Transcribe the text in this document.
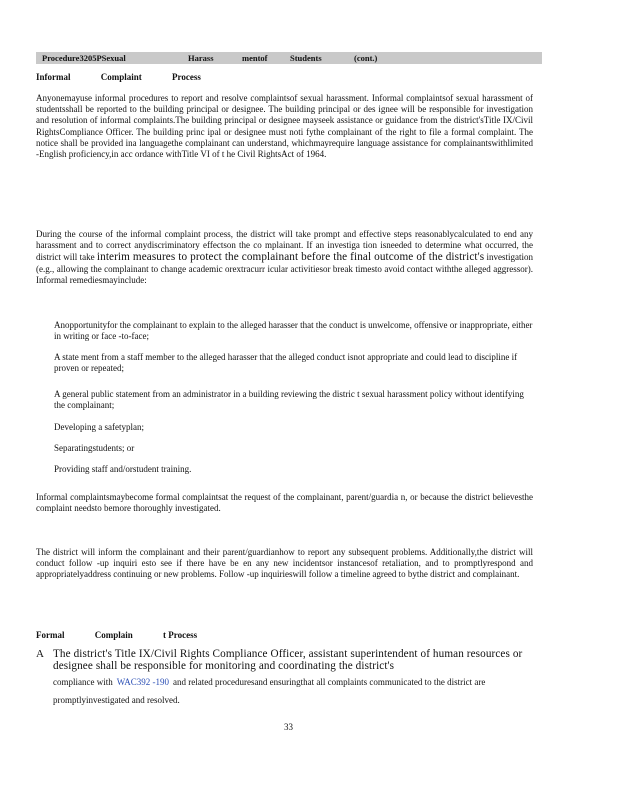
Procedure3205PSexual	Harass	mentof	Students	(cont.)
Informal	Complaint	Process
Anyonemayuse informal procedures to report and resolve complaintsof sexual harassment. Informal complaintsof sexual harassment of studentsshall be reported to the building principal or designee. The building principal or des ignee will be responsible for investigation and resolution of informal complaints.The building principal or designee mayseek assistance or guidance from the district'sTitle IX/Civil RightsCompliance Officer. The building princ ipal or designee must noti fythe complainant of the right to file a formal complaint. The notice shall be provided ina languagethe complainant can understand, whichmayrequire language assistance for complainantswithlimited -English proficiency,in acc ordance withTitle VI of t he Civil RightsAct of 1964.
During the course of the informal complaint process, the district will take prompt and effective steps reasonablycalculated to end any harassment and to correct anydiscriminatory effectson the co mplainant. If an investiga tion isneeded to determine what occurred, the district will take interim measures to protect the complainant before the final outcome of the district's investigation (e.g., allowing the complainant to change academic orextracurr icular activitiesor break timesto avoid contact withthe alleged aggressor). Informal remediesmayinclude:
Anopportunityfor the complainant to explain to the alleged harasser that the conduct is unwelcome, offensive or inappropriate, either in writing or face -to-face;
A state ment from a staff member to the alleged harasser that the alleged conduct isnot appropriate and could lead to discipline if proven or repeated;
A general public statement from an administrator in a building reviewing the distric t sexual harassment policy without identifying the complainant;
Developing a safetyplan;
Separatingstudents; or
Providing staff and/orstudent training.
Informal complaintsmaybecome formal complaintsat the request of the complainant, parent/guardia n, or because the district believesthe complaint needsto bemore thoroughly investigated.
The district will inform the complainant and their parent/guardianhow to report any subsequent problems. Additionally,the district will conduct follow -up inquiri esto see if there have be en any new incidentsor instancesof retaliation, and to promptlyrespond and appropriatelyaddress continuing or new problems. Follow -up inquirieswill follow a timeline agreed to bythe district and complainant.
Formal	Complain	t Process
A The district's Title IX/Civil Rights Compliance Officer, assistant superintendent of human resources or designee shall be responsible for monitoring and coordinating the district's
compliance with WAC392 -190 and related proceduresand ensuringthat all complaints communicated to the district are promptlyinvestigated and resolved.
33
